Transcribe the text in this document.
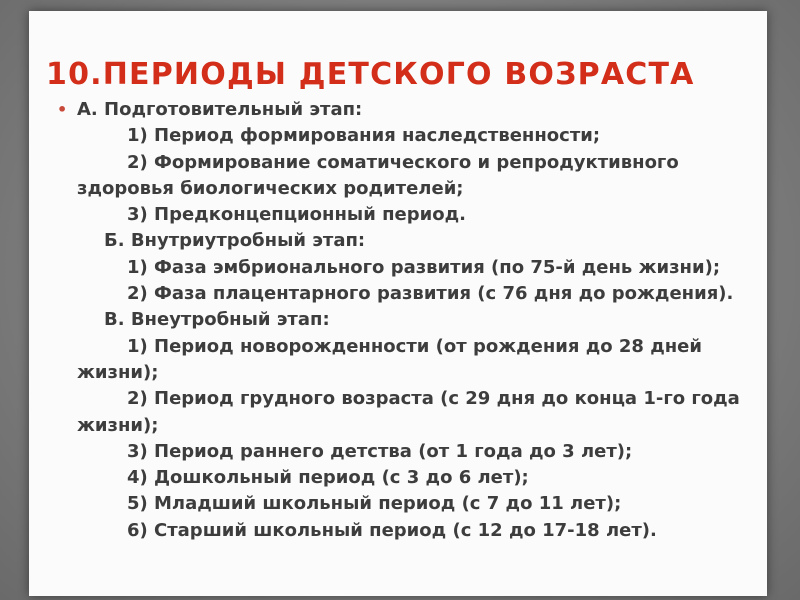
10.ПЕРИОДЫ ДЕТСКОГО ВОЗРАСТА
• А. Подготовительный этап:
1) Период формирования наследственности;
2) Формирование соматического и репродуктивного здоровья биологических родителей;
3) Предконцепционный период.
Б. Внутриутробный этап:
1) Фаза эмбрионального развития (по 75-й день жизни);
2) Фаза плацентарного развития (с 76 дня до рождения).
В. Внеутробный этап:
1) Период новорожденности (от рождения до 28 дней жизни);
2) Период грудного возраста (с 29 дня до конца 1-го года жизни);
3) Период раннего детства (от 1 года до 3 лет);
4) Дошкольный период (с 3 до 6 лет);
5) Младший школьный период (с 7 до 11 лет);
6) Старший школьный период (с 12 до 17-18 лет).
